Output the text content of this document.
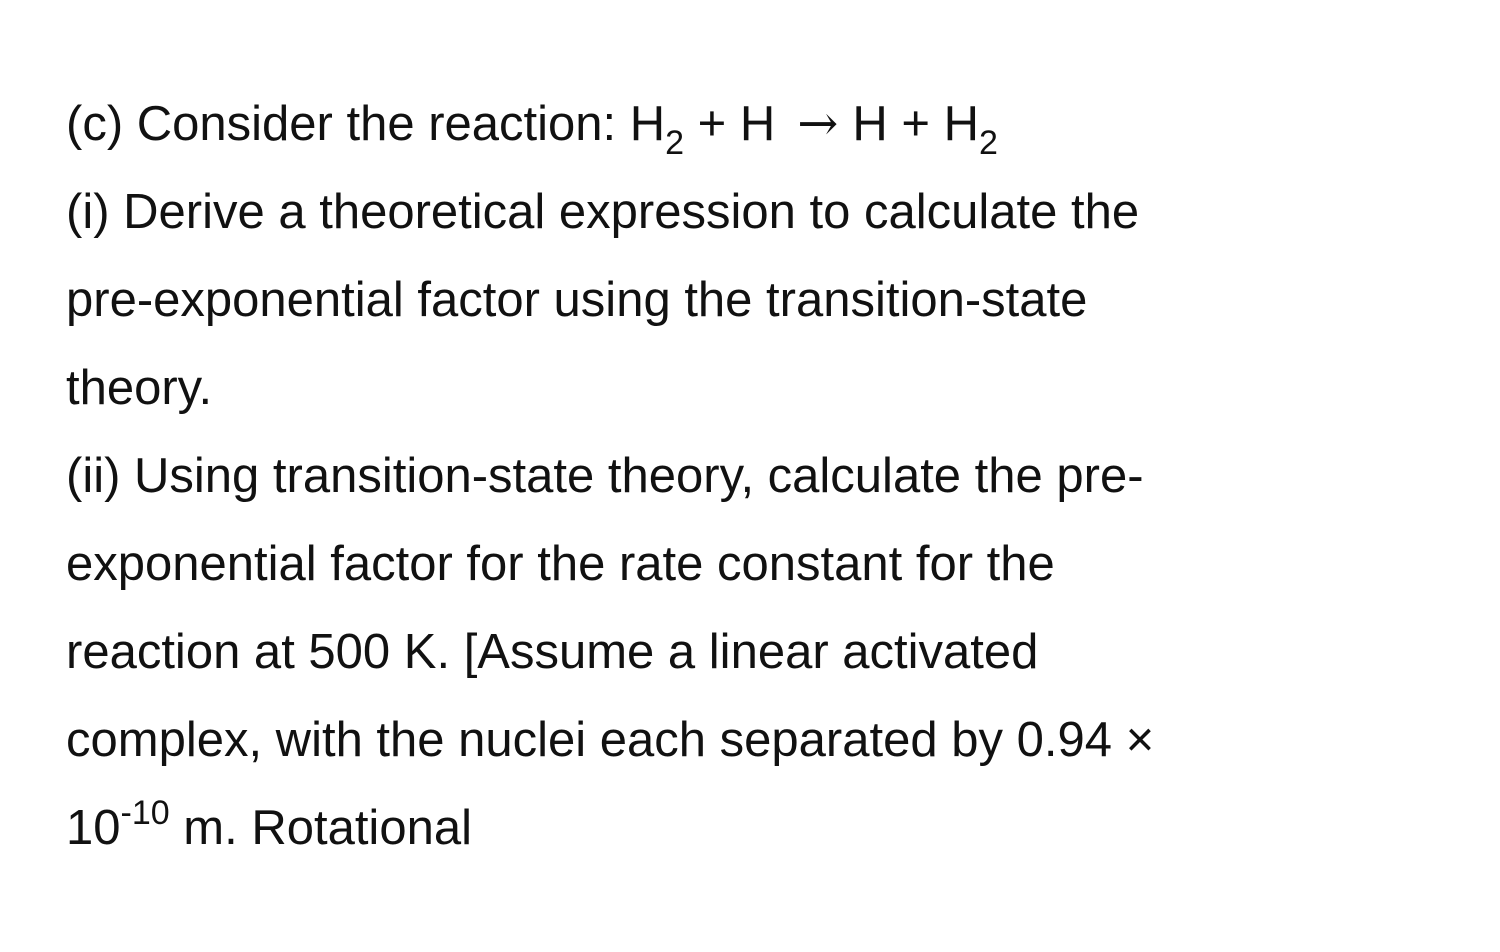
(c) Consider the reaction: $H_2 + H \to H + H_2$
(i) Derive a theoretical expression to calculate the
pre-exponential factor using the transition-state
theory.
(ii) Using transition-state theory, calculate the pre-
exponential factor for the rate constant for the
reaction at 500 K. [Assume a linear activated
complex, with the nuclei each separated by 0.94 ×
$10^{-10}$ m. Rotational
